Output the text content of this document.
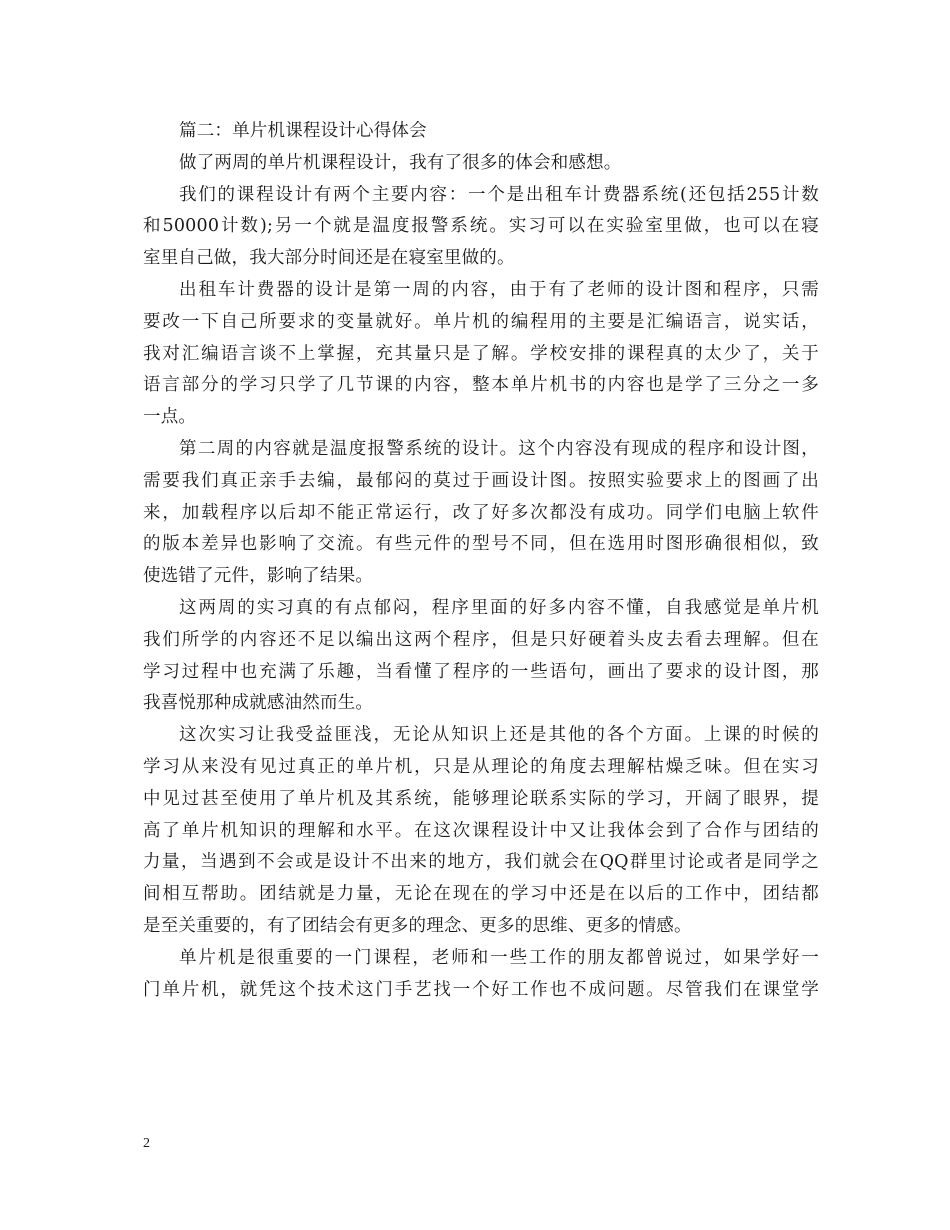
篇二：单片机课程设计心得体会
做了两周的单片机课程设计，我有了很多的体会和感想。
我们的课程设计有两个主要内容：一个是出租车计费器系统(还包括255计数
和50000计数);另一个就是温度报警系统。实习可以在实验室里做，也可以在寝
室里自己做，我大部分时间还是在寝室里做的。
出租车计费器的设计是第一周的内容，由于有了老师的设计图和程序，只需
要改一下自己所要求的变量就好。单片机的编程用的主要是汇编语言，说实话，
我对汇编语言谈不上掌握，充其量只是了解。学校安排的课程真的太少了，关于
语言部分的学习只学了几节课的内容，整本单片机书的内容也是学了三分之一多
一点。
第二周的内容就是温度报警系统的设计。这个内容没有现成的程序和设计图，
需要我们真正亲手去编，最郁闷的莫过于画设计图。按照实验要求上的图画了出
来，加载程序以后却不能正常运行，改了好多次都没有成功。同学们电脑上软件
的版本差异也影响了交流。有些元件的型号不同，但在选用时图形确很相似，致
使选错了元件，影响了结果。
这两周的实习真的有点郁闷，程序里面的好多内容不懂，自我感觉是单片机
我们所学的内容还不足以编出这两个程序，但是只好硬着头皮去看去理解。但在
学习过程中也充满了乐趣，当看懂了程序的一些语句，画出了要求的设计图，那
我喜悦那种成就感油然而生。
这次实习让我受益匪浅，无论从知识上还是其他的各个方面。上课的时候的
学习从来没有见过真正的单片机，只是从理论的角度去理解枯燥乏味。但在实习
中见过甚至使用了单片机及其系统，能够理论联系实际的学习，开阔了眼界，提
高了单片机知识的理解和水平。在这次课程设计中又让我体会到了合作与团结的
力量，当遇到不会或是设计不出来的地方，我们就会在QQ群里讨论或者是同学之
间相互帮助。团结就是力量，无论在现在的学习中还是在以后的工作中，团结都
是至关重要的，有了团结会有更多的理念、更多的思维、更多的情感。
单片机是很重要的一门课程，老师和一些工作的朋友都曾说过，如果学好一
门单片机，就凭这个技术这门手艺找一个好工作也不成问题。尽管我们在课堂学
2
